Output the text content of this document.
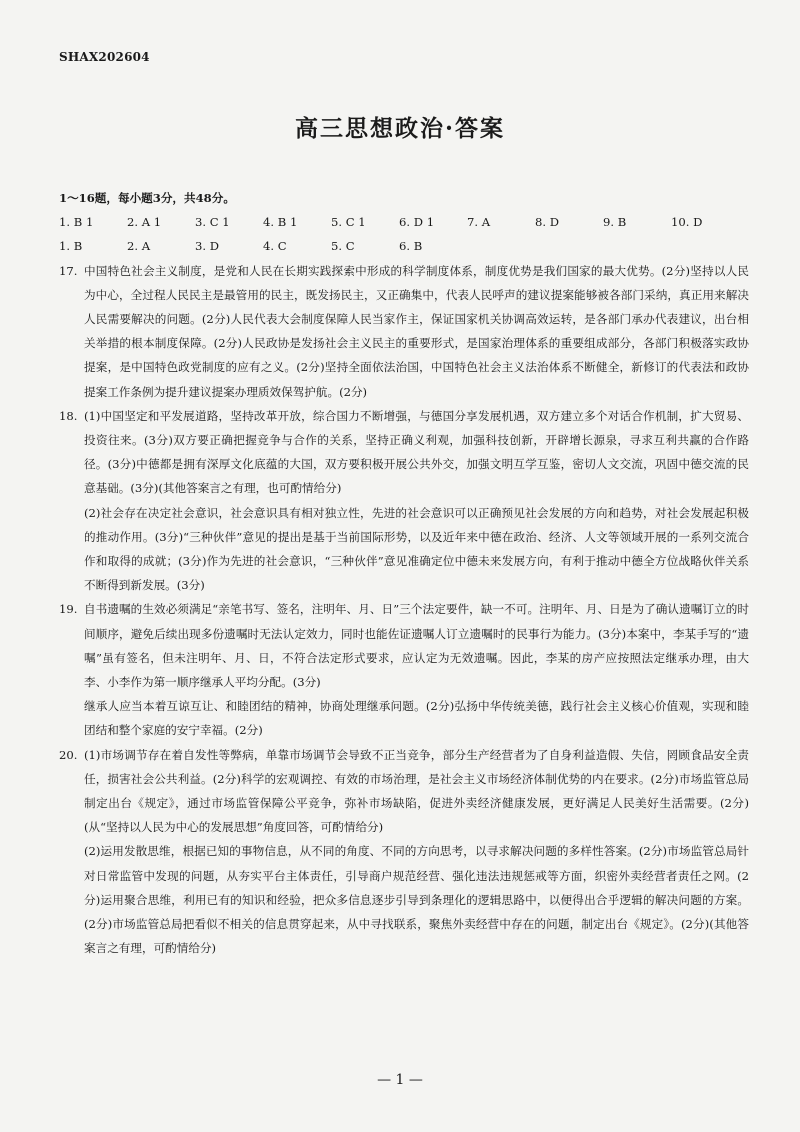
SHAX202604
高三思想政治·答案
1～16题，每小题3分，共48分。
1. B 1	2. A 1	3. C 1	4. B 1	5. C 1	6. D 1	7. A	8. D	9. B	10. D
1. B	2. A	3. D	4. C	5. C	6. B
17. 中国特色社会主义制度，是党和人民在长期实践探索中形成的科学制度体系，制度优势是我们国家的最大优势。(2分)坚持以人民为中心，全过程人民民主是最管用的民主，既发扬民主，又正确集中，代表人民呼声的建议提案能够被各部门采纳，真正用来解决人民需要解决的问题。(2分)人民代表大会制度保障人民当家作主，保证国家机关协调高效运转，是各部门承办代表建议，出台相关举措的根本制度保障。(2分)人民政协是发扬社会主义民主的重要形式，是国家治理体系的重要组成部分，各部门积极落实政协提案，是中国特色政党制度的应有之义。(2分)坚持全面依法治国，中国特色社会主义法治体系不断健全，新修订的代表法和政协提案工作条例为提升建议提案办理质效保驾护航。(2分)
18. (1)中国坚定和平发展道路，坚持改革开放，综合国力不断增强，与德国分享发展机遇，双方建立多个对话合作机制，扩大贸易、投资往来。(3分)双方要正确把握竞争与合作的关系，坚持正确义利观，加强科技创新，开辟增长源泉，寻求互利共赢的合作路径。(3分)中德都是拥有深厚文化底蕴的大国，双方要积极开展公共外交，加强文明互学互鉴，密切人文交流，巩固中德交流的民意基础。(3分)(其他答案言之有理，也可酌情给分)
(2)社会存在决定社会意识，社会意识具有相对独立性，先进的社会意识可以正确预见社会发展的方向和趋势，对社会发展起积极的推动作用。(3分)“三种伙伴”意见的提出是基于当前国际形势，以及近年来中德在政治、经济、人文等领域开展的一系列交流合作和取得的成就；(3分)作为先进的社会意识，“三种伙伴”意见准确定位中德未来发展方向，有利于推动中德全方位战略伙伴关系不断得到新发展。(3分)
19. 自书遗嘱的生效必须满足“亲笔书写、签名，注明年、月、日”三个法定要件，缺一不可。注明年、月、日是为了确认遗嘱订立的时间顺序，避免后续出现多份遗嘱时无法认定效力，同时也能佐证遗嘱人订立遗嘱时的民事行为能力。(3分)本案中，李某手写的“遗嘱”虽有签名，但未注明年、月、日，不符合法定形式要求，应认定为无效遗嘱。因此，李某的房产应按照法定继承办理，由大李、小李作为第一顺序继承人平均分配。(3分)
继承人应当本着互谅互让、和睦团结的精神，协商处理继承问题。(2分)弘扬中华传统美德，践行社会主义核心价值观，实现和睦团结和整个家庭的安宁幸福。(2分)
20. (1)市场调节存在着自发性等弊病，单靠市场调节会导致不正当竞争，部分生产经营者为了自身利益造假、失信，罔顾食品安全责任，损害社会公共利益。(2分)科学的宏观调控、有效的市场治理，是社会主义市场经济体制优势的内在要求。(2分)市场监管总局制定出台《规定》，通过市场监管保障公平竞争，弥补市场缺陷，促进外卖经济健康发展，更好满足人民美好生活需要。(2分)(从“坚持以人民为中心的发展思想”角度回答，可酌情给分)
(2)运用发散思维，根据已知的事物信息，从不同的角度、不同的方向思考，以寻求解决问题的多样性答案。(2分)市场监管总局针对日常监管中发现的问题，从夯实平台主体责任，引导商户规范经营、强化违法违规惩戒等方面，织密外卖经营者责任之网。(2分)运用聚合思维，利用已有的知识和经验，把众多信息逐步引导到条理化的逻辑思路中，以便得出合乎逻辑的解决问题的方案。(2分)市场监管总局把看似不相关的信息贯穿起来，从中寻找联系，聚焦外卖经营中存在的问题，制定出台《规定》。(2分)(其他答案言之有理，可酌情给分)
— 1 —
